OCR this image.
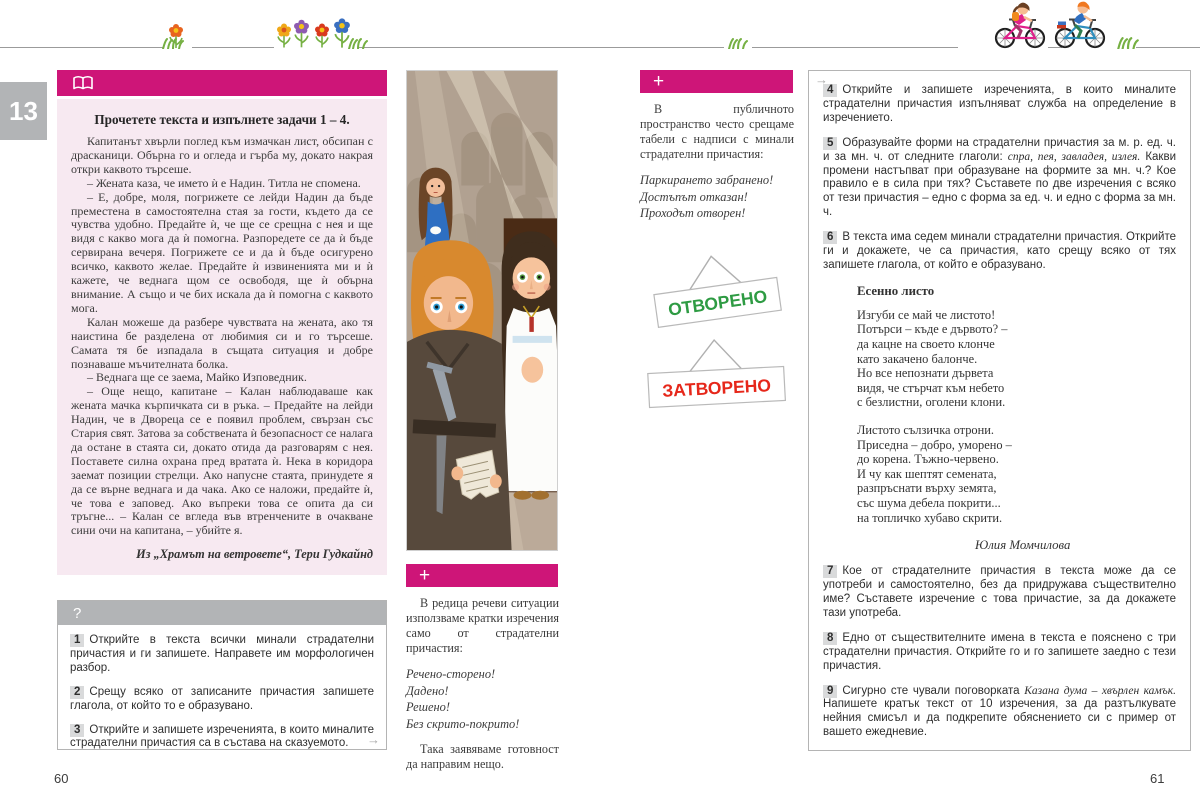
13	Прочетете текста и изпълнете задачи 1 – 4.

Капитанът хвърли поглед към измачкан лист, обсипан с драсканици. Обърна го и огледа и гърба му, докато накрая откри каквото търсеше.

– Жената каза, че името ѝ е Надин. Титла не спомена.

– Е, добре, моля, погрижете се лейди Надин да бъде преместена в самостоятелна стая за гости, където да се чувства удобно. Предайте ѝ, че ще се срещна с нея и ще видя с какво мога да ѝ помогна. Разпоредете се да ѝ бъде сервирана вечеря. Погрижете се и да ѝ бъде осигурено всичко, каквото желае. Предайте ѝ извиненията ми и ѝ кажете, че веднага щом се освободя, ще ѝ обърна внимание. А също и че бих искала да ѝ помогна с каквото мога.

Калан можеше да разбере чувствата на жената, ако тя наистина бе разделена от любимия си и го търсеше. Самата тя бе изпадала в същата ситуация и добре познаваше мъчителната болка.

– Веднага ще се заема, Майко Изповедник.

– Още нещо, капитане – Калан наблюдаваше как жената мачка кърпичката си в ръка. – Предайте на лейди Надин, че в Двореца се е появил проблем, свързан със Стария свят. Затова за собствената ѝ безопасност се налага да остане в стаята си, докато отида да разговарям с нея. Поставете силна охрана пред вратата ѝ. Нека в коридора заемат позиции стрелци. Ако напусне стаята, принудете я да се върне веднага и да чака. Ако се наложи, предайте ѝ, че това е заповед. Ако въпреки това се опита да си тръгне... – Калан се вгледа във втренчените в очакване сини очи на капитана, – убийте я.

Из „Храмът на ветровете“, Тери Гудкайнд
?

1 Открийте в текста всички минали страдателни причастия и ги запишете. Направете им морфологичен разбор.

2 Срещу всяко от записаните причастия запишете глагола, от който то е образувано.

3 Открийте и запишете изреченията, в които миналите страдателни причастия са в състава на сказуемото.	→
+

В редица речеви ситуации използваме кратки изречения само от страдателни причастия:

Речено-сторено!
Дадено!
Решено!
Без скрито-покрито!

Така заявяваме готовност да направим нещо.

+

В публичното пространство често срещаме табели с надписи с минали страдателни причастия:

Паркирането забранено!
Достъпът отказан!
Проходът отворен!
ОТВОРЕНО
ЗАТВОРЕНО
→

4 Открийте и запишете изреченията, в които миналите страдателни причастия изпълняват служба на определение в изречението.

5 Образувайте форми на страдателни причастия за м. р. ед. ч. и за мн. ч. от следните глаголи: спра, пея, завладея, излея. Какви промени настъпват при образуване на формите за мн. ч.? Кое правило е в сила при тях? Съставете по две изречения с всяко от тези причастия – едно с форма за ед. ч. и едно с форма за мн. ч.

6 В текста има седем минали страдателни причастия. Открийте ги и докажете, че са причастия, като срещу всяко от тях запишете глагола, от който е образувано.

Есенно листо
Изгуби се май че листото!
Потърси – къде е дървото? –
да кацне на своето клонче
като закачено балонче.
Но все непознати дървета
видя, че стърчат към небето
с безлистни, оголени клони.
Листото сълзичка отрони.
Приседна – добро, уморено –
до корена. Тъжно-червено.
И чу как шептят семената,
разпръснати върху земята,
със шума дебела покрити...
на топличко хубаво скрити.
Юлия Момчилова

7 Кое от страдателните причастия в текста може да се употреби и самостоятелно, без да придружава съществително име? Съставете изречение с това причастие, за да докажете тази употреба.

8 Едно от съществителните имена в текста е пояснено с три страдателни причастия. Открийте го и го запишете заедно с тези причастия.

9 Сигурно сте чували поговорката Казана дума – хвърлен камък. Напишете кратък текст от 10 изречения, за да разтълкувате нейния смисъл и да подкрепите обяснението си с пример от вашето ежедневие.

60	61
